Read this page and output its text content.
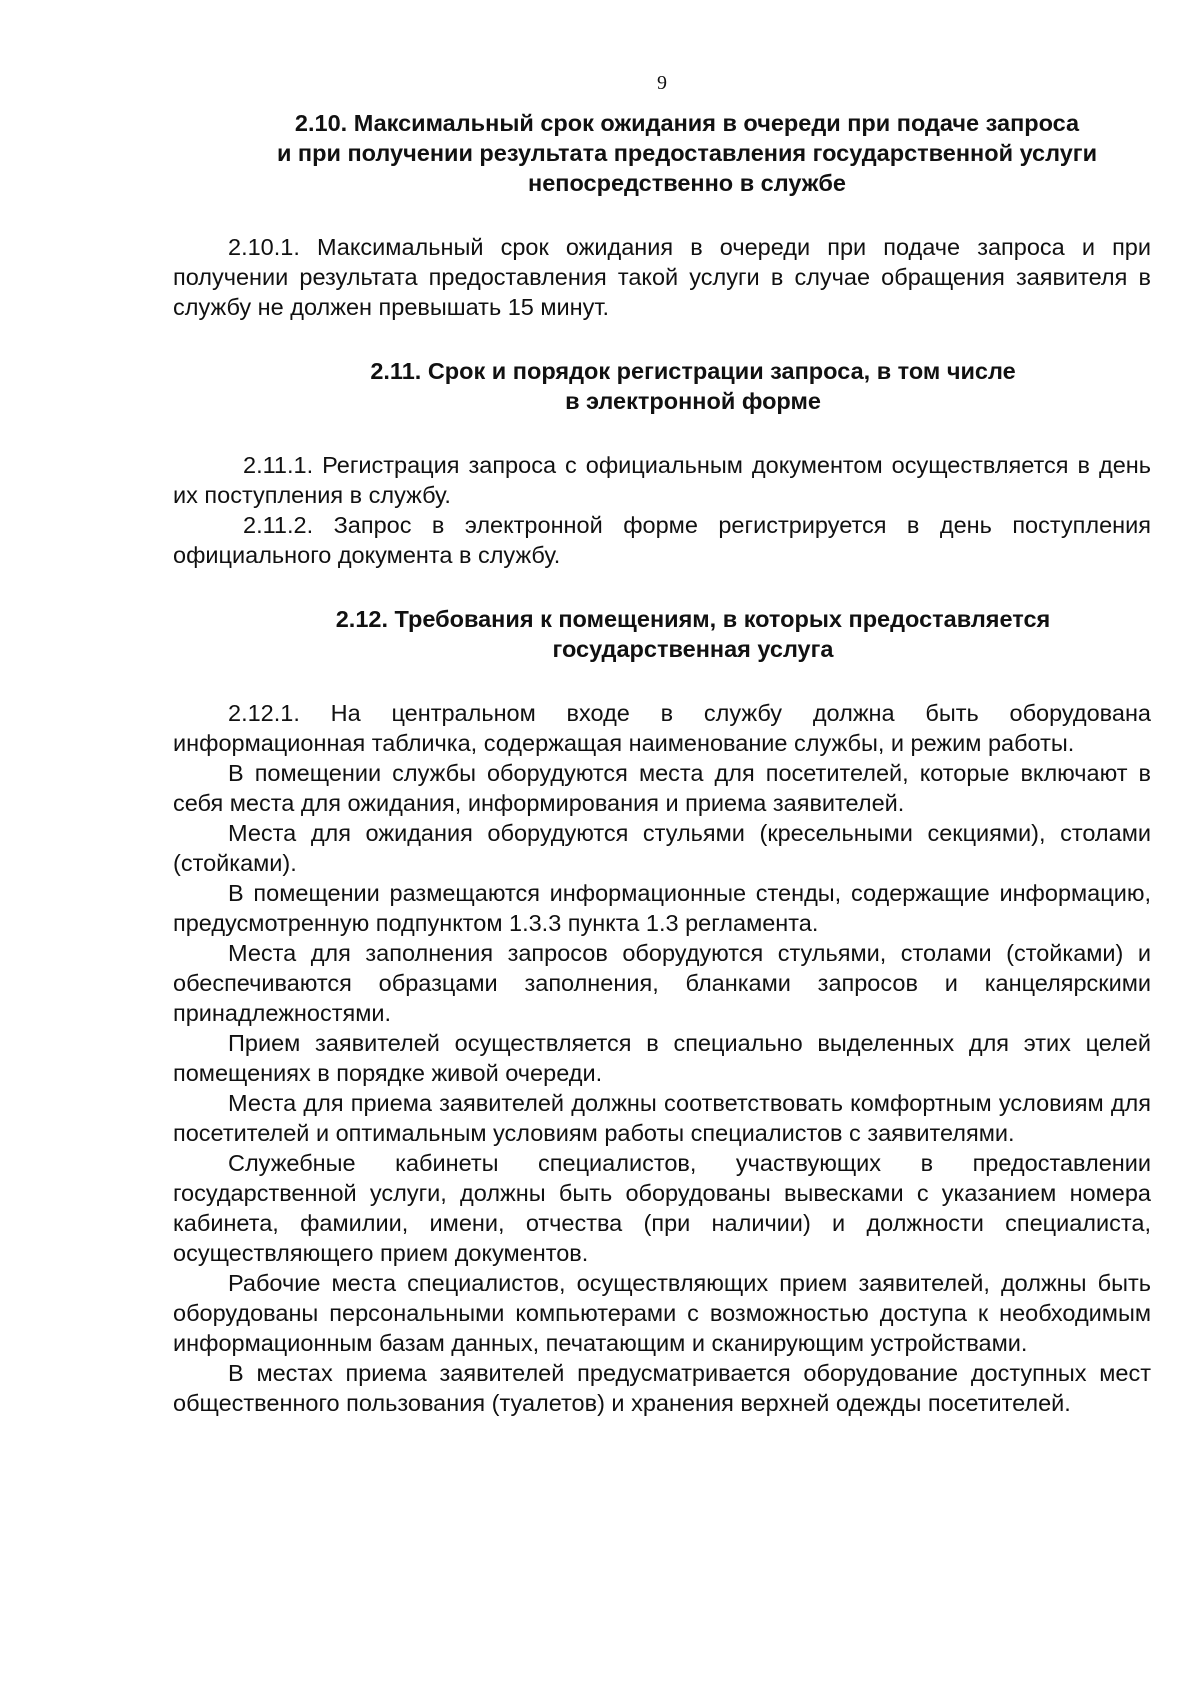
9
2.10. Максимальный срок ожидания в очереди при подаче запроса
и при получении результата предоставления государственной услуги
непосредственно в службе

2.10.1. Максимальный срок ожидания в очереди при подаче запроса и при получении результата предоставления такой услуги в случае обращения заявителя в службу не должен превышать 15 минут.

2.11. Срок и порядок регистрации запроса, в том числе
в электронной форме

2.11.1. Регистрация запроса с официальным документом осуществляется в день их поступления в службу.

2.11.2. Запрос в электронной форме регистрируется в день поступления официального документа в службу.

2.12. Требования к помещениям, в которых предоставляется
государственная услуга

2.12.1. На центральном входе в службу должна быть оборудована информационная табличка, содержащая наименование службы, и режим работы.

В помещении службы оборудуются места для посетителей, которые включают в себя места для ожидания, информирования и приема заявителей.

Места для ожидания оборудуются стульями (кресельными секциями), столами (стойками).

В помещении размещаются информационные стенды, содержащие информацию, предусмотренную подпунктом 1.3.3 пункта 1.3 регламента.

Места для заполнения запросов оборудуются стульями, столами (стойками) и обеспечиваются образцами заполнения, бланками запросов и канцелярскими принадлежностями.

Прием заявителей осуществляется в специально выделенных для этих целей помещениях в порядке живой очереди.

Места для приема заявителей должны соответствовать комфортным условиям для посетителей и оптимальным условиям работы специалистов с заявителями.

Служебные кабинеты специалистов, участвующих в предоставлении государственной услуги, должны быть оборудованы вывесками с указанием номера кабинета, фамилии, имени, отчества (при наличии) и должности специалиста, осуществляющего прием документов.

Рабочие места специалистов, осуществляющих прием заявителей, должны быть оборудованы персональными компьютерами с возможностью доступа к необходимым информационным базам данных, печатающим и сканирующим устройствами.

В местах приема заявителей предусматривается оборудование доступных мест общественного пользования (туалетов) и хранения верхней одежды посетителей.
